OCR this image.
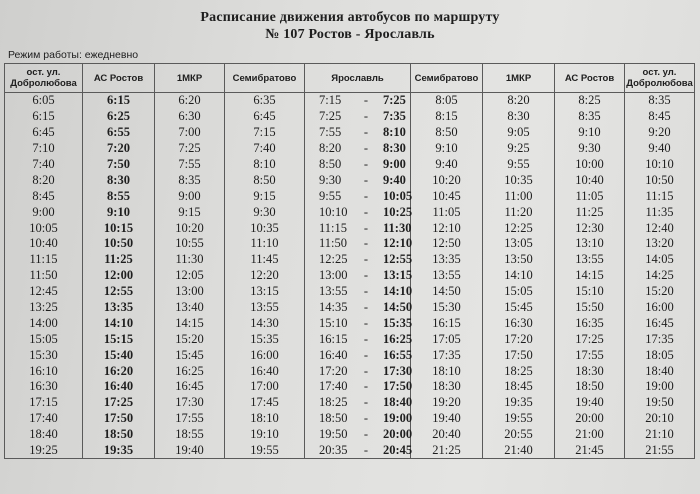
Расписание движения автобусов по маршруту
№ 107 Ростов - Ярославль
Режим работы: ежедневно
ост. ул. Добролюбова	АС Ростов	1МКР	Семибратово	Ярославль	Семибратово	1МКР	АС Ростов	ост. ул. Добролюбова
6:05	6:15	6:20	6:35	7:15 - 7:25	8:05	8:20	8:25	8:35
6:15	6:25	6:30	6:45	7:25 - 7:35	8:15	8:30	8:35	8:45
6:45	6:55	7:00	7:15	7:55 - 8:10	8:50	9:05	9:10	9:20
7:10	7:20	7:25	7:40	8:20 - 8:30	9:10	9:25	9:30	9:40
7:40	7:50	7:55	8:10	8:50 - 9:00	9:40	9:55	10:00	10:10
8:20	8:30	8:35	8:50	9:30 - 9:40	10:20	10:35	10:40	10:50
8:45	8:55	9:00	9:15	9:55 - 10:05	10:45	11:00	11:05	11:15
9:00	9:10	9:15	9:30	10:10 - 10:25	11:05	11:20	11:25	11:35
10:05	10:15	10:20	10:35	11:15 - 11:30	12:10	12:25	12:30	12:40
10:40	10:50	10:55	11:10	11:50 - 12:10	12:50	13:05	13:10	13:20
11:15	11:25	11:30	11:45	12:25 - 12:55	13:35	13:50	13:55	14:05
11:50	12:00	12:05	12:20	13:00 - 13:15	13:55	14:10	14:15	14:25
12:45	12:55	13:00	13:15	13:55 - 14:10	14:50	15:05	15:10	15:20
13:25	13:35	13:40	13:55	14:35 - 14:50	15:30	15:45	15:50	16:00
14:00	14:10	14:15	14:30	15:10 - 15:35	16:15	16:30	16:35	16:45
15:05	15:15	15:20	15:35	16:15 - 16:25	17:05	17:20	17:25	17:35
15:30	15:40	15:45	16:00	16:40 - 16:55	17:35	17:50	17:55	18:05
16:10	16:20	16:25	16:40	17:20 - 17:30	18:10	18:25	18:30	18:40
16:30	16:40	16:45	17:00	17:40 - 17:50	18:30	18:45	18:50	19:00
17:15	17:25	17:30	17:45	18:25 - 18:40	19:20	19:35	19:40	19:50
17:40	17:50	17:55	18:10	18:50 - 19:00	19:40	19:55	20:00	20:10
18:40	18:50	18:55	19:10	19:50 - 20:00	20:40	20:55	21:00	21:10
19:25	19:35	19:40	19:55	20:35 - 20:45	21:25	21:40	21:45	21:55
